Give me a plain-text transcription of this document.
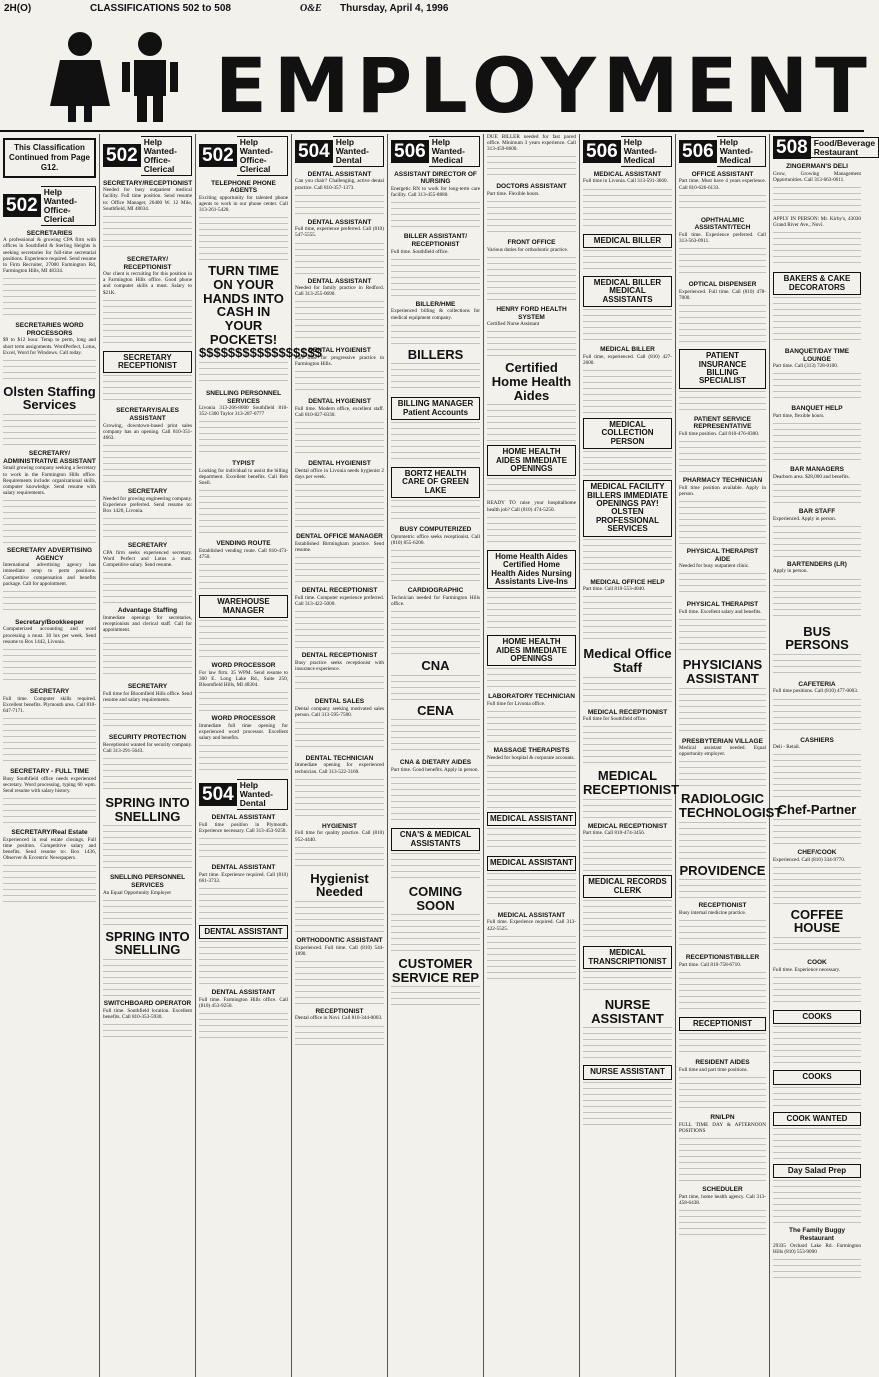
2H(O)	CLASSIFICATIONS 502 to 508	O&E Thursday, April 4, 1996
EMPLOYMENT
This Classification Continued from Page G12.
502
Help Wanted-Office-Clerical
SECRETARIES
A professional & growing CPA firm with offices in Southfield & Sterling Heights is seeking secretaries for full-time secretarial positions. Experience required. Send resume to Firm Recruiter, 27000 Farmington Rd, Farmington Hills, MI 48334.
SECRETARIES WORD PROCESSORS
$9 to $12 hour. Temp to perm, long and short term assignments. WordPerfect, Lotus, Excel, Word for Windows. Call today.
Olsten Staffing Services
SECRETARY/ ADMINISTRATIVE ASSISTANT
Small growing company seeking a Secretary to work in the Farmington Hills office. Requirements include: organizational skills, computer knowledge. Send resume with salary requirements.
SECRETARY ADVERTISING AGENCY
International advertising agency has immediate temp to perm positions. Competitive compensation and benefits package. Call for appointment.
Secretary/Bookkeeper
Computerized accounting and word processing a must. 30 hrs per week. Send resume to Box 1442, Livonia.
SECRETARY
Full time. Computer skills required. Excellent benefits. Plymouth area. Call 810-647-7171.
SECRETARY - FULL TIME
Busy Southfield office needs experienced secretary. Word processing, typing 60 wpm. Send resume with salary history.
SECRETARY/Real Estate
Experienced in real estate closings. Full time position. Competitive salary and benefits. Send resume to: Box 1436, Observer & Eccentric Newspapers.
502
Help Wanted-Office-Clerical
SECRETARY/RECEPTIONIST
Needed for busy outpatient medical facility. Full time position. Send resume to: Office Manager, 26400 W. 12 Mile, Southfield, MI 48034.
SECRETARY/ RECEPTIONIST
Our client is recruiting for this position in a Farmington Hills office. Good phone and computer skills a must. Salary to $21K.
SECRETARY RECEPTIONIST
SECRETARY/SALES ASSISTANT
Growing, downtown-based print sales company has an opening. Call 810-351-4663.
SECRETARY
Needed for growing engineering company. Experience preferred. Send resume to: Box 1420, Livonia.
SECRETARY
CPA firm seeks experienced secretary. Word Perfect and Lotus a must. Competitive salary. Send resume.
Advantage Staffing
Immediate openings for secretaries, receptionists and clerical staff. Call for appointment.
SECRETARY
Full time for Bloomfield Hills office. Send resume and salary requirements.
SECURITY PROTECTION
Receptionist wanted for security company. Call 313-291-5643.
SPRING INTO SNELLING
SNELLING PERSONNEL SERVICES
An Equal Opportunity Employer
SPRING INTO SNELLING
SWITCHBOARD OPERATOR
Full time. Southfield location. Excellent benefits. Call 810-353-5930.
502
Help Wanted-Office-Clerical
TELEPHONE PHONE AGENTS
Exciting opportunity for talented phone agents to work in our phone center. Call 313-261-5420.
TURN TIME ON YOUR HANDS INTO CASH IN YOUR POCKETS! $$$$$$$$$$$$$$$$$
SNELLING PERSONNEL SERVICES
Livonia 313-266-8600 Southfield 810-352-1300 Taylor 313-287-0777
TYPIST
Looking for individual to assist the billing department. Excellent benefits. Call Bob Snell.
VENDING ROUTE
Established vending route. Call 810-473-4750.
WAREHOUSE MANAGER
WORD PROCESSOR
For law firm. 35 WPM. Send resume to 300 E. Long Lake Rd., Suite 250, Bloomfield Hills, MI 48304.
WORD PROCESSOR
Immediate full time opening for experienced word processor. Excellent salary and benefits.
504 Help Wanted-Dental
DENTAL ASSISTANT
Full time position in Plymouth. Experience necessary. Call 313-453-9250.
DENTAL ASSISTANT
Part time. Experience required. Call (810) 661-3733.
DENTAL ASSISTANT
DENTAL ASSISTANT
Full time. Farmington Hills office. Call (810) 453-9250.
504 Help Wanted-Dental
DENTAL ASSISTANT
Can you chair? Challenging, active dental practice. Call 810-357-1373.
DENTAL ASSISTANT
Full time, experience preferred. Call (810) 547-5555.
DENTAL ASSISTANT
Needed for family practice in Redford. Call 313-255-0690.
DENTAL HYGIENIST
Part time for progressive practice in Farmington Hills.
DENTAL HYGIENIST
Full time. Modern office, excellent staff. Call 810-827-0330.
DENTAL HYGIENIST
Dental office in Livonia needs hygienist 2 days per week.
DENTAL OFFICE MANAGER
Established Birmingham practice. Send resume.
DENTAL RECEPTIONIST
Full time. Computer experience preferred. Call 313-422-5000.
DENTAL RECEPTIONIST
Busy practice seeks receptionist with insurance experience.
DENTAL SALES
Dental company seeking motivated sales person. Call 313-595-7500.
DENTAL TECHNICIAN
Immediate opening for experienced technician. Call 313-522-3160.
HYGIENIST
Full time for quality practice. Call (810) 952-4440.
Hygienist Needed
ORTHODONTIC ASSISTANT
Experienced. Full time. Call (810) 544-1890.
RECEPTIONIST
Dental office in Novi. Call 810-344-0003.
506 Help Wanted-Medical
ASSISTANT DIRECTOR OF NURSING
Energetic RN to work for long-term care facility. Call 313-455-8880.
BILLER ASSISTANT/ RECEPTIONIST
Full time. Southfield office.
BILLER/HME
Experienced billing & collections for medical equipment company.
BILLERS
BILLING MANAGER Patient Accounts
BORTZ HEALTH CARE OF GREEN LAKE
BUSY COMPUTERIZED
Optometric office seeks receptionist. Call (810) 855-6200.
CARDIOGRAPHIC
Technician needed for Farmington Hills office.
CNA
CENA
CNA & DIETARY AIDES
Part time. Good benefits. Apply in person.
CNA'S & MEDICAL ASSISTANTS
COMING SOON
CUSTOMER SERVICE REP
DUE BILLER needed for fast paced office. Minimum 3 years experience. Call 313-459-8600.
DOCTORS ASSISTANT
Part time. Flexible hours.
FRONT OFFICE
Various duties for orthodontic practice.
HENRY FORD HEALTH SYSTEM
Certified Nurse Assistant
Certified Home Health Aides
HOME HEALTH AIDES IMMEDIATE OPENINGS
READY TO raise your hospitalhome health job? Call (810) 474-5250.
Home Health Aides Certified Home Health Aides Nursing Assistants Live-Ins
HOME HEALTH AIDES IMMEDIATE OPENINGS
LABORATORY TECHNICIAN
Full time for Livonia office.
MASSAGE THERAPISTS
Needed for hospital & corporate accounts.
MEDICAL ASSISTANT
MEDICAL ASSISTANT
MEDICAL ASSISTANT
Full time. Experience required. Call 313-422-5525.
506 Help Wanted-Medical
MEDICAL ASSISTANT
Full time in Livonia. Call 313-591-3660.
MEDICAL BILLER
MEDICAL BILLER MEDICAL ASSISTANTS
MEDICAL BILLER
Full time, experienced. Call (810) 427-2600.
MEDICAL COLLECTION PERSON
MEDICAL FACILITY BILLERS IMMEDIATE OPENINGS PAY! OLSTEN PROFESSIONAL SERVICES
MEDICAL OFFICE HELP
Part time. Call 810-553-4040.
Medical Office Staff
MEDICAL RECEPTIONIST
Full time for Southfield office.
MEDICAL RECEPTIONIST
MEDICAL RECEPTIONIST
Part time. Call 810-474-3456.
MEDICAL RECORDS CLERK
MEDICAL TRANSCRIPTIONIST
NURSE ASSISTANT
NURSE ASSISTANT
506 Help Wanted-Medical
OFFICE ASSISTANT
Part time. Must have 4 years experience. Call 810-626-6133.
OPHTHALMIC ASSISTANT/TECH
Full time. Experience preferred. Call 313-563-0911.
OPTICAL DISPENSER
Experienced. Full time. Call (810) 478-7000.
PATIENT INSURANCE BILLING SPECIALIST
PATIENT SERVICE REPRESENTATIVE
Full time position. Call 810-476-8300.
PHARMACY TECHNICIAN
Full time position available. Apply in person.
PHYSICAL THERAPIST AIDE
Needed for busy outpatient clinic.
PHYSICAL THERAPIST
Full time. Excellent salary and benefits.
PHYSICIANS ASSISTANT
PRESBYTERIAN VILLAGE
Medical assistant needed. Equal opportunity employer.
RADIOLOGIC TECHNOLOGIST
PROVIDENCE
RECEPTIONIST
Busy internal medicine practice.
RECEPTIONIST/BILLER
Part time. Call 810-758-6710.
RECEPTIONIST
RESIDENT AIDES
Full time and part time positions.
RN/LPN
FULL TIME DAY & AFTERNOON POSITIONS
SCHEDULER
Part time, home health agency. Call 313-458-6438.
508 Food/Beverage Restaurant
ZINGERMAN'S DELI
Grow, Growing Management Opportunities. Call 313-663-0611.
APPLY IN PERSON: Mr. Kirby's, 43030 Grand River Ave., Novi.
BAKERS & CAKE DECORATORS
BANQUET/DAY TIME LOUNGE
Part time. Call (313) 728-0100.
BANQUET HELP
Part time, flexible hours.
BAR MANAGERS
Dearborn area. $28,000 and benefits.
BAR STAFF
Experienced. Apply in person.
BARTENDERS (LR)
Apply in person.
BUS PERSONS
CAFETERIA
Full time positions. Call (810) 477-0003.
CASHIERS
Deli - Retail.
Chef-Partner
CHEF/COOK
Experienced. Call (810) 334-9770.
COFFEE HOUSE
COOK
Full time. Experience necessary.
COOKS
COOKS
COOK WANTED
Day Salad Prep
The Family Buggy Restaurant
29335 Orchard Lake Rd. Farmington Hills (810) 553-9090
